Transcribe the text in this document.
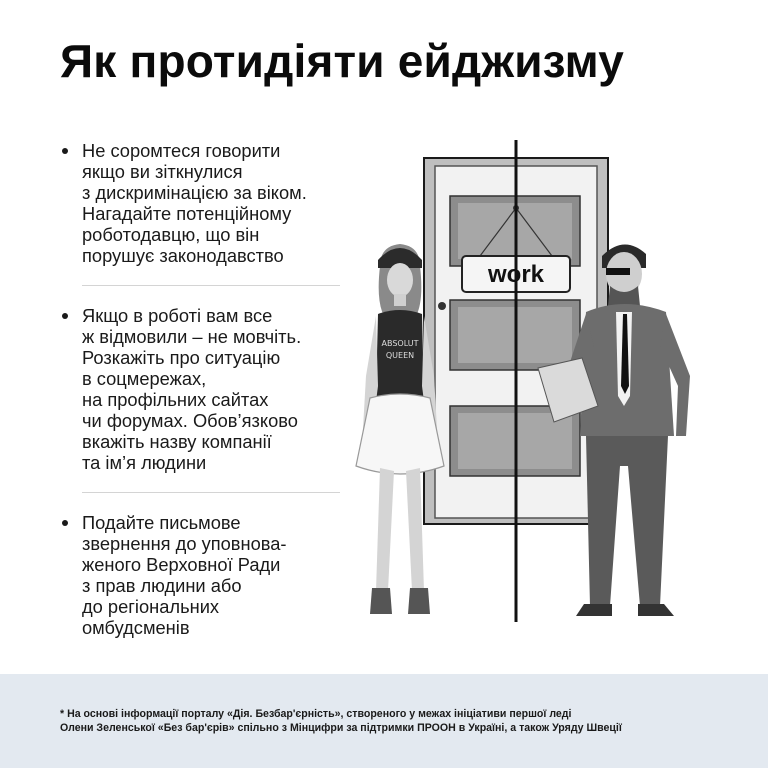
Як протидіяти ейджизму
Не соромтеся говорити
якщо ви зіткнулися
з дискримінацією за віком.
Нагадайте потенційному
роботодавцю, що він
порушує законодавство
Якщо в роботі вам все
ж відмовили – не мовчіть.
Розкажіть про ситуацію
в соцмережах,
на профільних сайтах
чи форумах. Обов’язково
вкажіть назву компанії
та ім’я людини
Подайте письмове
звернення до уповнова-
женого Верховної Ради
з прав людини або
до регіональних
омбудсменів
work
ABSOLUT
QUEEN
* На основі інформації порталу «Дія. Безбар'єрність», створеного у межах ініціативи першої леді
Олени Зеленської «Без бар'єрів» спільно з Мінцифри за підтримки ПРООН в Україні, а також Уряду Швеції
